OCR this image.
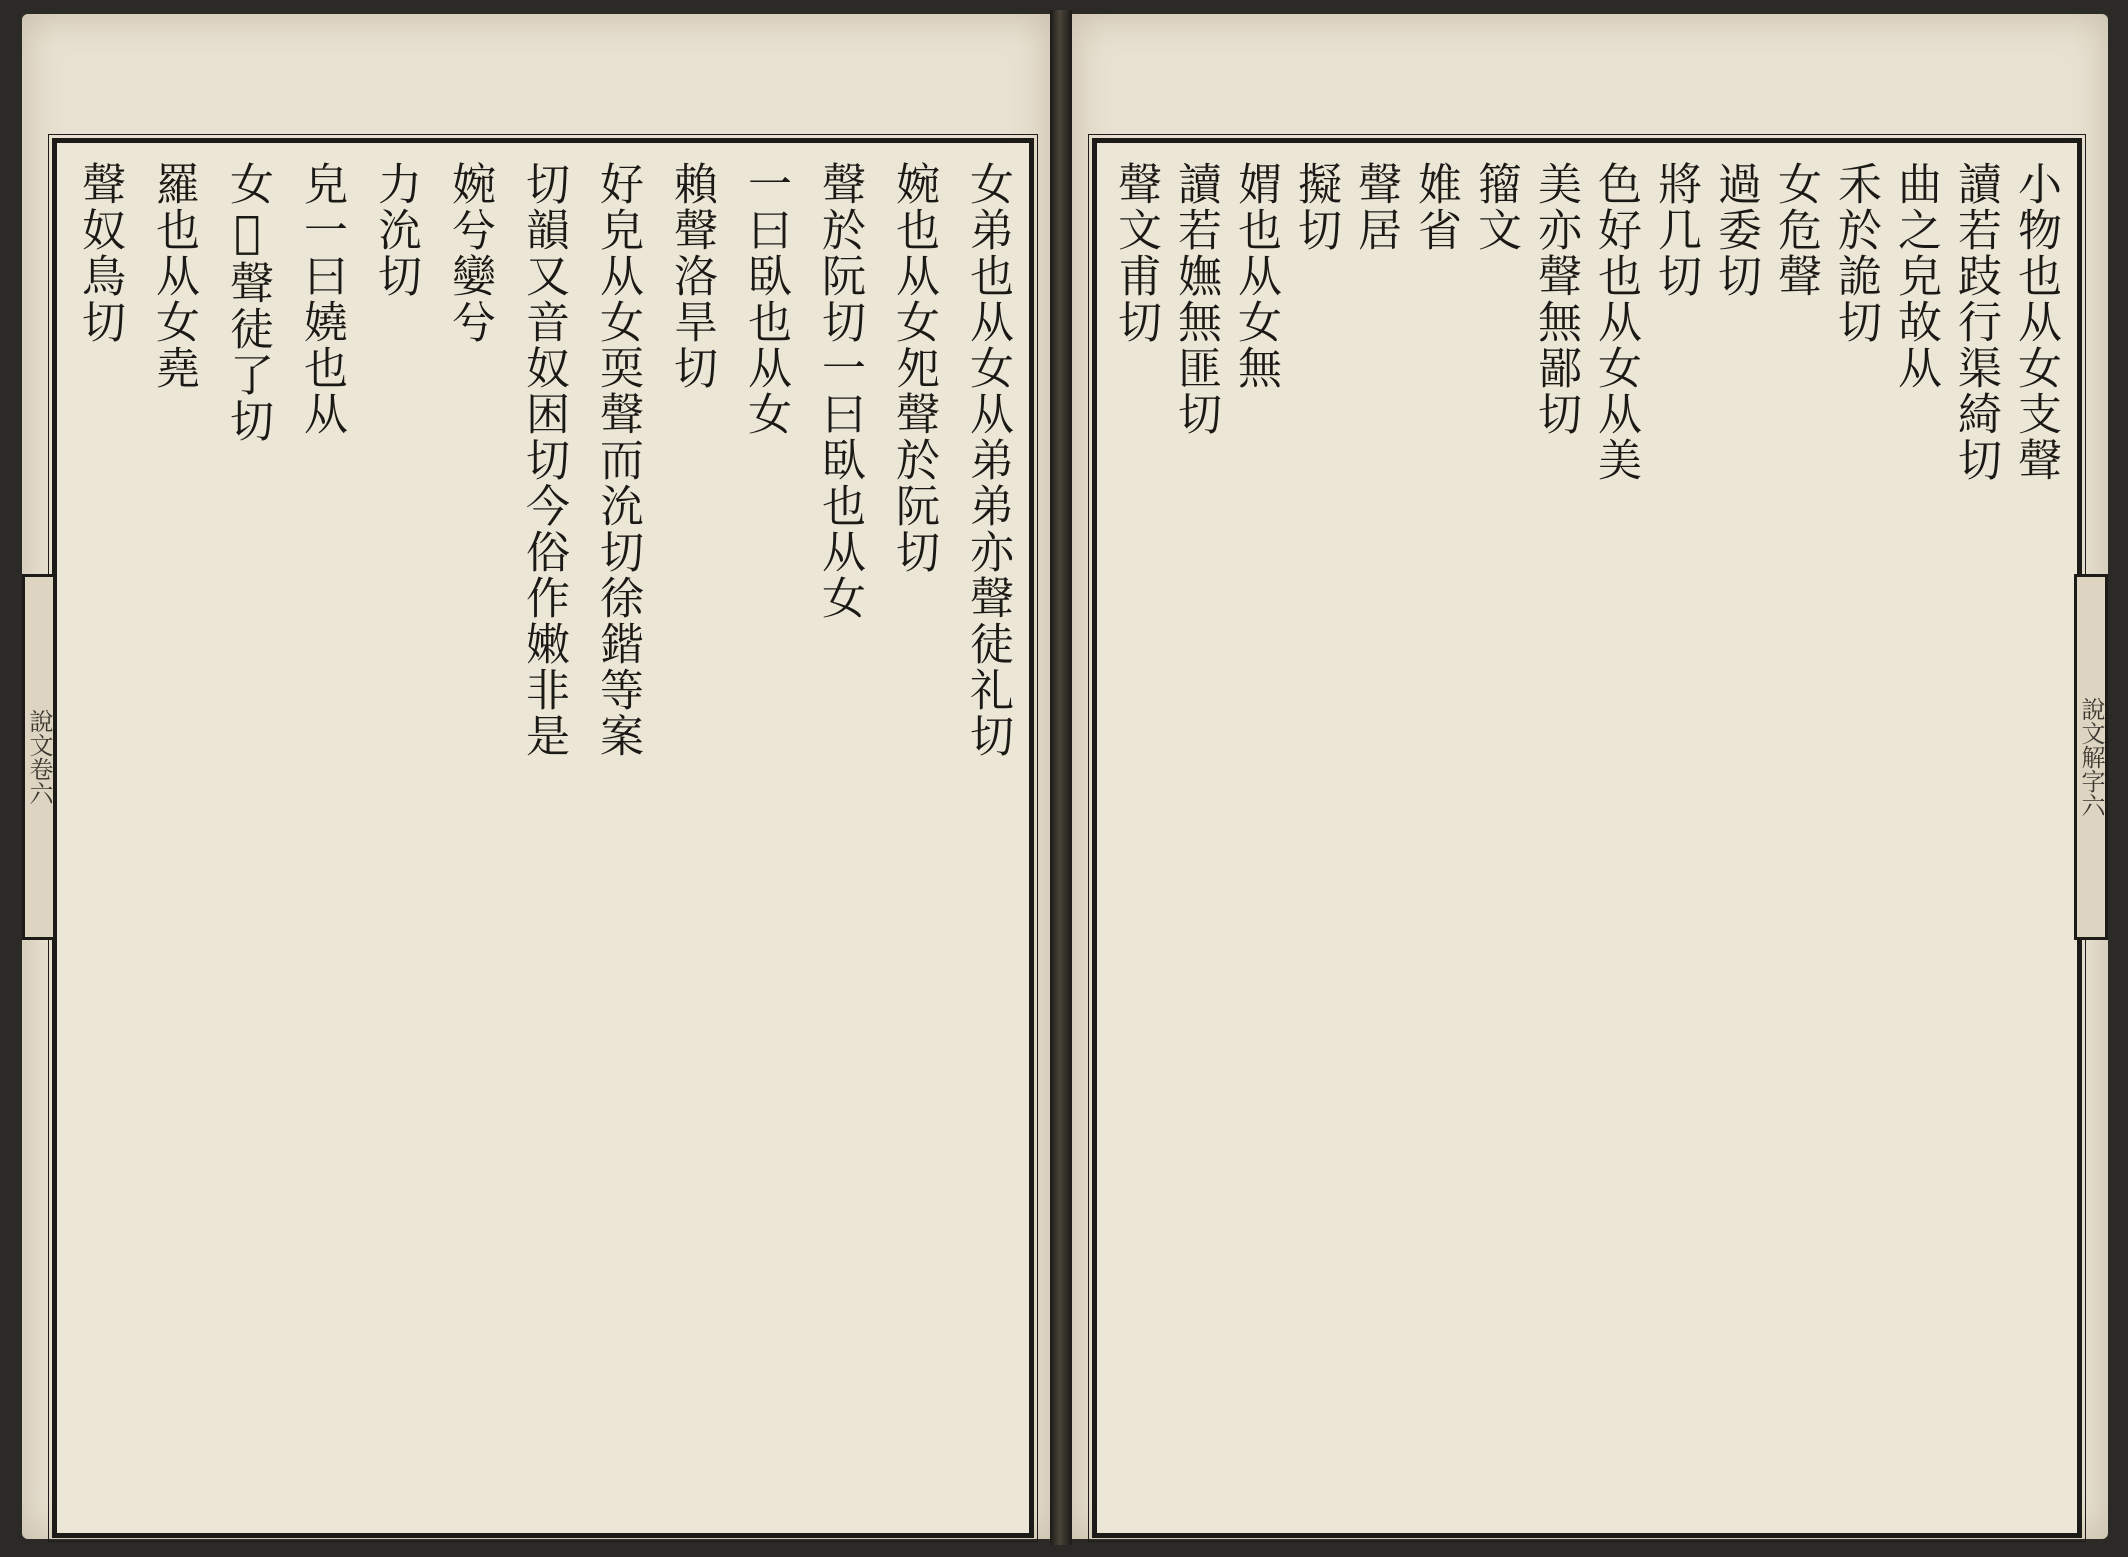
女弟也从女从弟弟亦聲徒礼切
婉也从女夗聲於阮切
聲於阮切一曰臥也从女
一曰臥也从女
賴聲洛旱切
好皃从女耎聲而沇切徐鍇等案
切韻又音奴困切今俗作嫩非是
婉兮孌兮
力沇切
皃一曰嬈也从
女𡟏聲徒了切
羅也从女堯
聲奴鳥切
說文卷六
小物也从女支聲
讀若跂行渠綺切
曲之皃故从
禾於詭切
女危聲
過委切
將几切
色好也从女从美
美亦聲無鄙切
籀文
婎省
聲居
擬切
媦也从女無
讀若嫵無匪切
聲文甫切
說文解字六
